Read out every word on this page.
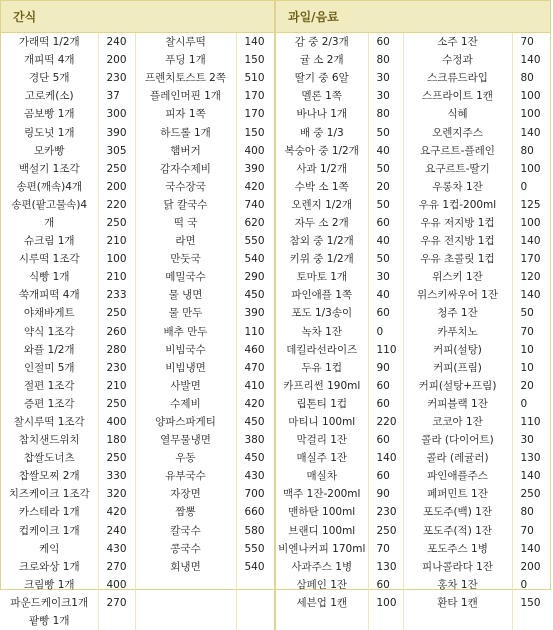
간식				과일/음료			
가래떡 1/2개	240	찰시루떡	140	감 중 2/3개	60	소주 1잔	70
개피떡 4개	200	푸딩 1개	150	귤 소 2개	80	수정과	140
경단 5개	230	프렌치토스트 2쪽	510	딸기 중 6알	30	스크류드라입	80
고로케(소)	37	플레인머핀 1개	170	멜론 1쪽	30	스프라이트 1캔	100
곰보빵 1개	300	피자 1쪽	170	바나나 1개	80	식혜	100
링도넛 1개	390	하드롤 1개	150	배 중 1/3	50	오렌지주스	140
모카빵	305	햄버거	400	복숭아 중 1/2개	40	요구르트-플레인	80
백설기 1조각	250	감자수제비	390	사과 1/2개	50	요구르트-딸기	100
송편(깨속)4개	200	국수장국	420	수박 소 1쪽	20	우롱차 1잔	0
송편(팥고물속)4	220	닭 칼국수	740	오렌지 1/2개	50	우유 1컵-200ml	125
개	250	떡 국	620	자두 소 2개	60	우유 저지방 1컵	100
슈크림 1개	210	라면	550	참외 중 1/2개	40	우유 전지방 1컵	140
시루떡 1조각	100	만둣국	540	키위 중 1/2개	50	우유 초콜릿 1컵	170
식빵 1개	210	메밀국수	290	토마토 1개	30	위스키 1잔	120
쑥개피떡 4개	233	물 냉면	450	파인애플 1쪽	40	위스키싸우어 1잔	140
야채바게트	250	물 만두	390	포도 1/3송이	60	청주 1잔	50
약식 1조각	260	배추 만두	110	녹차 1잔	0	카푸치노	70
와플 1/2개	280	비빔국수	460	데킬라선라이즈	110	커피(설탕)	10
인절미 5개	230	비빔냉면	470	두유 1컵	90	커피(프림)	10
절편 1조각	210	사발면	410	카프리썬 190ml	60	커피(설탕+프림)	20
증편 1조각	250	수제비	420	립톤티 1컵	60	커피블랙 1잔	0
찰시루떡 1조각	400	양파스파게티	450	마티니 100ml	220	코코아 1잔	110
참치샌드위치	180	열무물냉면	380	막걸리 1잔	60	콜라 (다이어트)	30
찹쌀도너츠	250	우동	450	매실주 1잔	140	콜라 (레귤러)	130
찹쌀모찌 2개	330	유부국수	430	매실차	60	파인애플주스	140
치즈케이크 1조각	320	자장면	700	맥주 1잔-200ml	90	페퍼민트 1잔	250
카스테라 1개	420	짬뽕	660	맨하탄 100ml	230	포도주(백) 1잔	80
컵케이크 1개	240	칼국수	580	브랜디 100ml	250	포도주(적) 1잔	70
케익	430	콩국수	550	비엔나커피 170ml	70	포도주스 1병	140
크로와상 1개	270	회냉면	540	사과주스 1병	130	피나콜라다 1잔	200
크림빵 1개	400			삼페인 1잔	60	홍차 1잔	0
파운드케이크1개	270			세븐업 1캔	100	환타 1캔	150
팥빵 1개							
